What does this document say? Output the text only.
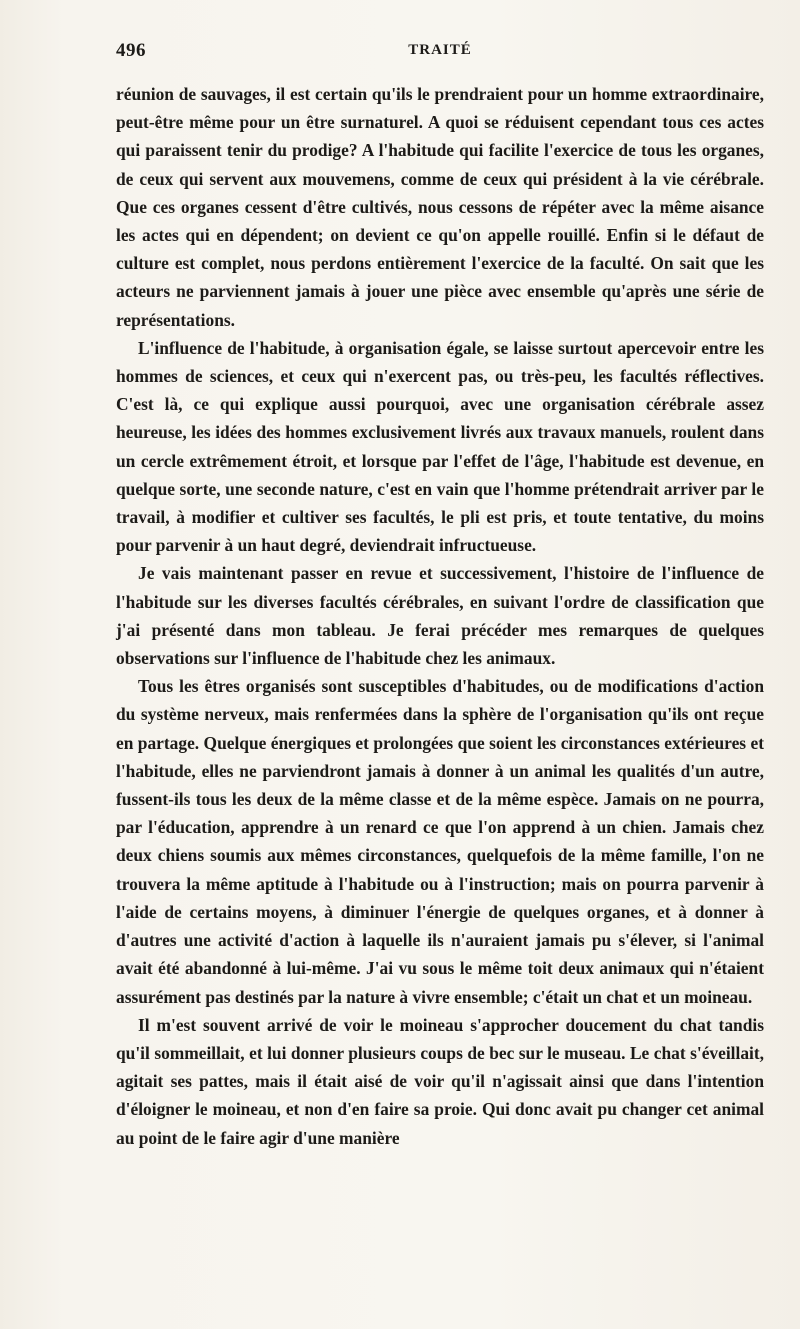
496	TRAITÉ

réunion de sauvages, il est certain qu'ils le prendraient pour un homme extraordinaire, peut-être même pour un être surnaturel. A quoi se réduisent cependant tous ces actes qui paraissent tenir du prodige? A l'habitude qui facilite l'exercice de tous les organes, de ceux qui servent aux mouvemens, comme de ceux qui président à la vie cérébrale. Que ces organes cessent d'être cultivés, nous cessons de répéter avec la même aisance les actes qui en dépendent; on devient ce qu'on appelle rouillé. Enfin si le défaut de culture est complet, nous perdons entièrement l'exercice de la faculté. On sait que les acteurs ne parviennent jamais à jouer une pièce avec ensemble qu'après une série de représentations.

L'influence de l'habitude, à organisation égale, se laisse surtout apercevoir entre les hommes de sciences, et ceux qui n'exercent pas, ou très-peu, les facultés réflectives. C'est là, ce qui explique aussi pourquoi, avec une organisation cérébrale assez heureuse, les idées des hommes exclusivement livrés aux travaux manuels, roulent dans un cercle extrêmement étroit, et lorsque par l'effet de l'âge, l'habitude est devenue, en quelque sorte, une seconde nature, c'est en vain que l'homme prétendrait arriver par le travail, à modifier et cultiver ses facultés, le pli est pris, et toute tentative, du moins pour parvenir à un haut degré, deviendrait infructueuse.

Je vais maintenant passer en revue et successivement, l'histoire de l'influence de l'habitude sur les diverses facultés cérébrales, en suivant l'ordre de classification que j'ai présenté dans mon tableau. Je ferai précéder mes remarques de quelques observations sur l'influence de l'habitude chez les animaux.

Tous les êtres organisés sont susceptibles d'habitudes, ou de modifications d'action du système nerveux, mais renfermées dans la sphère de l'organisation qu'ils ont reçue en partage. Quelque énergiques et prolongées que soient les circonstances extérieures et l'habitude, elles ne parviendront jamais à donner à un animal les qualités d'un autre, fussent-ils tous les deux de la même classe et de la même espèce. Jamais on ne pourra, par l'éducation, apprendre à un renard ce que l'on apprend à un chien. Jamais chez deux chiens soumis aux mêmes circonstances, quelquefois de la même famille, l'on ne trouvera la même aptitude à l'habitude ou à l'instruction; mais on pourra parvenir à l'aide de certains moyens, à diminuer l'énergie de quelques organes, et à donner à d'autres une activité d'action à laquelle ils n'auraient jamais pu s'élever, si l'animal avait été abandonné à lui-même. J'ai vu sous le même toit deux animaux qui n'étaient assurément pas destinés par la nature à vivre ensemble; c'était un chat et un moineau.

Il m'est souvent arrivé de voir le moineau s'approcher doucement du chat tandis qu'il sommeillait, et lui donner plusieurs coups de bec sur le museau. Le chat s'éveillait, agitait ses pattes, mais il était aisé de voir qu'il n'agissait ainsi que dans l'intention d'éloigner le moineau, et non d'en faire sa proie. Qui donc avait pu changer cet animal au point de le faire agir d'une manière
